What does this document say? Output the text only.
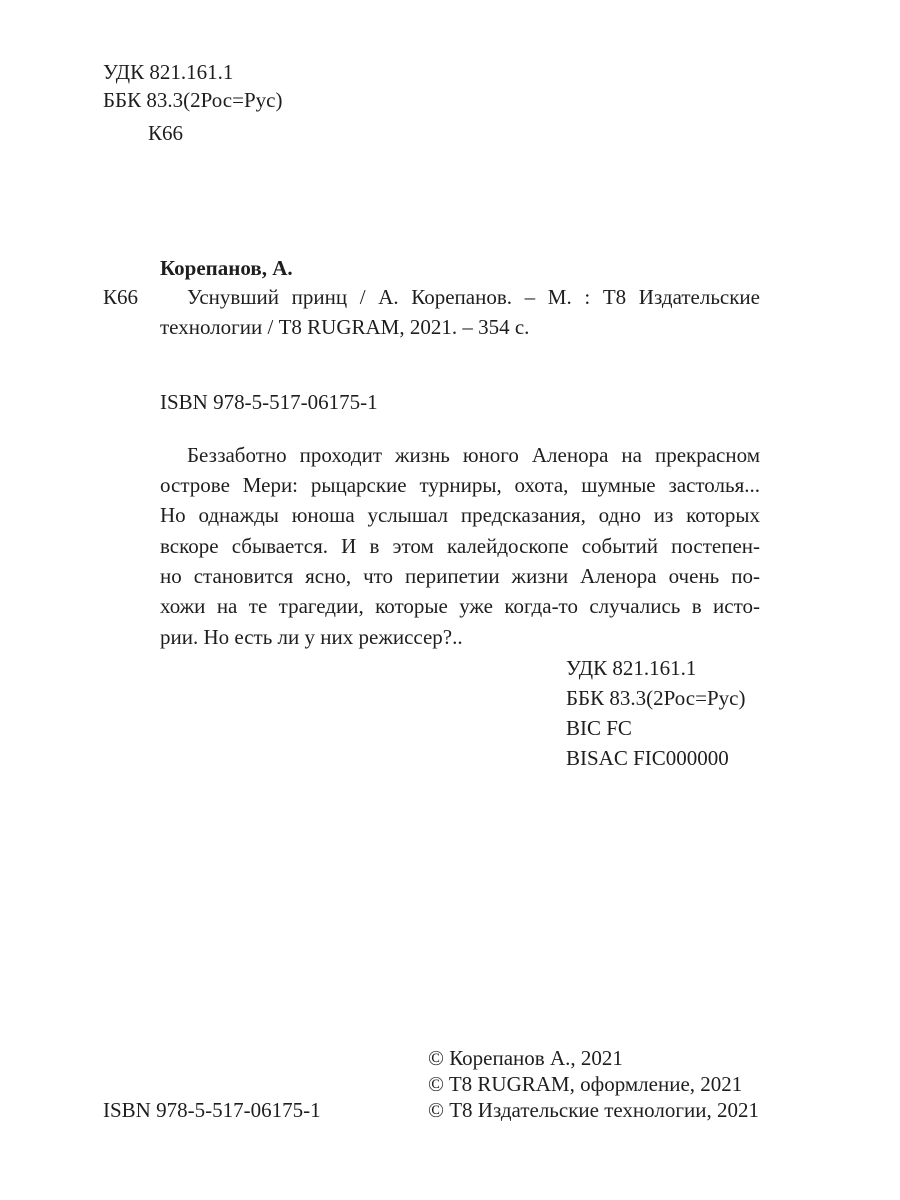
УДК 821.161.1
ББК 83.3(2Рос=Рус)
К66
Корепанов, А.
К66 Уснувший принц / А. Корепанов. – М. : Т8 Издательские
технологии / T8 RUGRAM, 2021. – 354 с.
ISBN 978-5-517-06175-1
Беззаботно проходит жизнь юного Аленора на прекрасном
острове Мери: рыцарские турниры, охота, шумные застолья...
Но однажды юноша услышал предсказания, одно из которых
вскоре сбывается. И в этом калейдоскопе событий постепен-
но становится ясно, что перипетии жизни Аленора очень по-
хожи на те трагедии, которые уже когда-то случались в исто-
рии. Но есть ли у них режиссер?..
УДК 821.161.1
ББК 83.3(2Рос=Рус)
BIC FC
BISAC FIC000000
© Корепанов А., 2021
© T8 RUGRAM, оформление, 2021
© Т8 Издательские технологии, 2021
ISBN 978-5-517-06175-1
